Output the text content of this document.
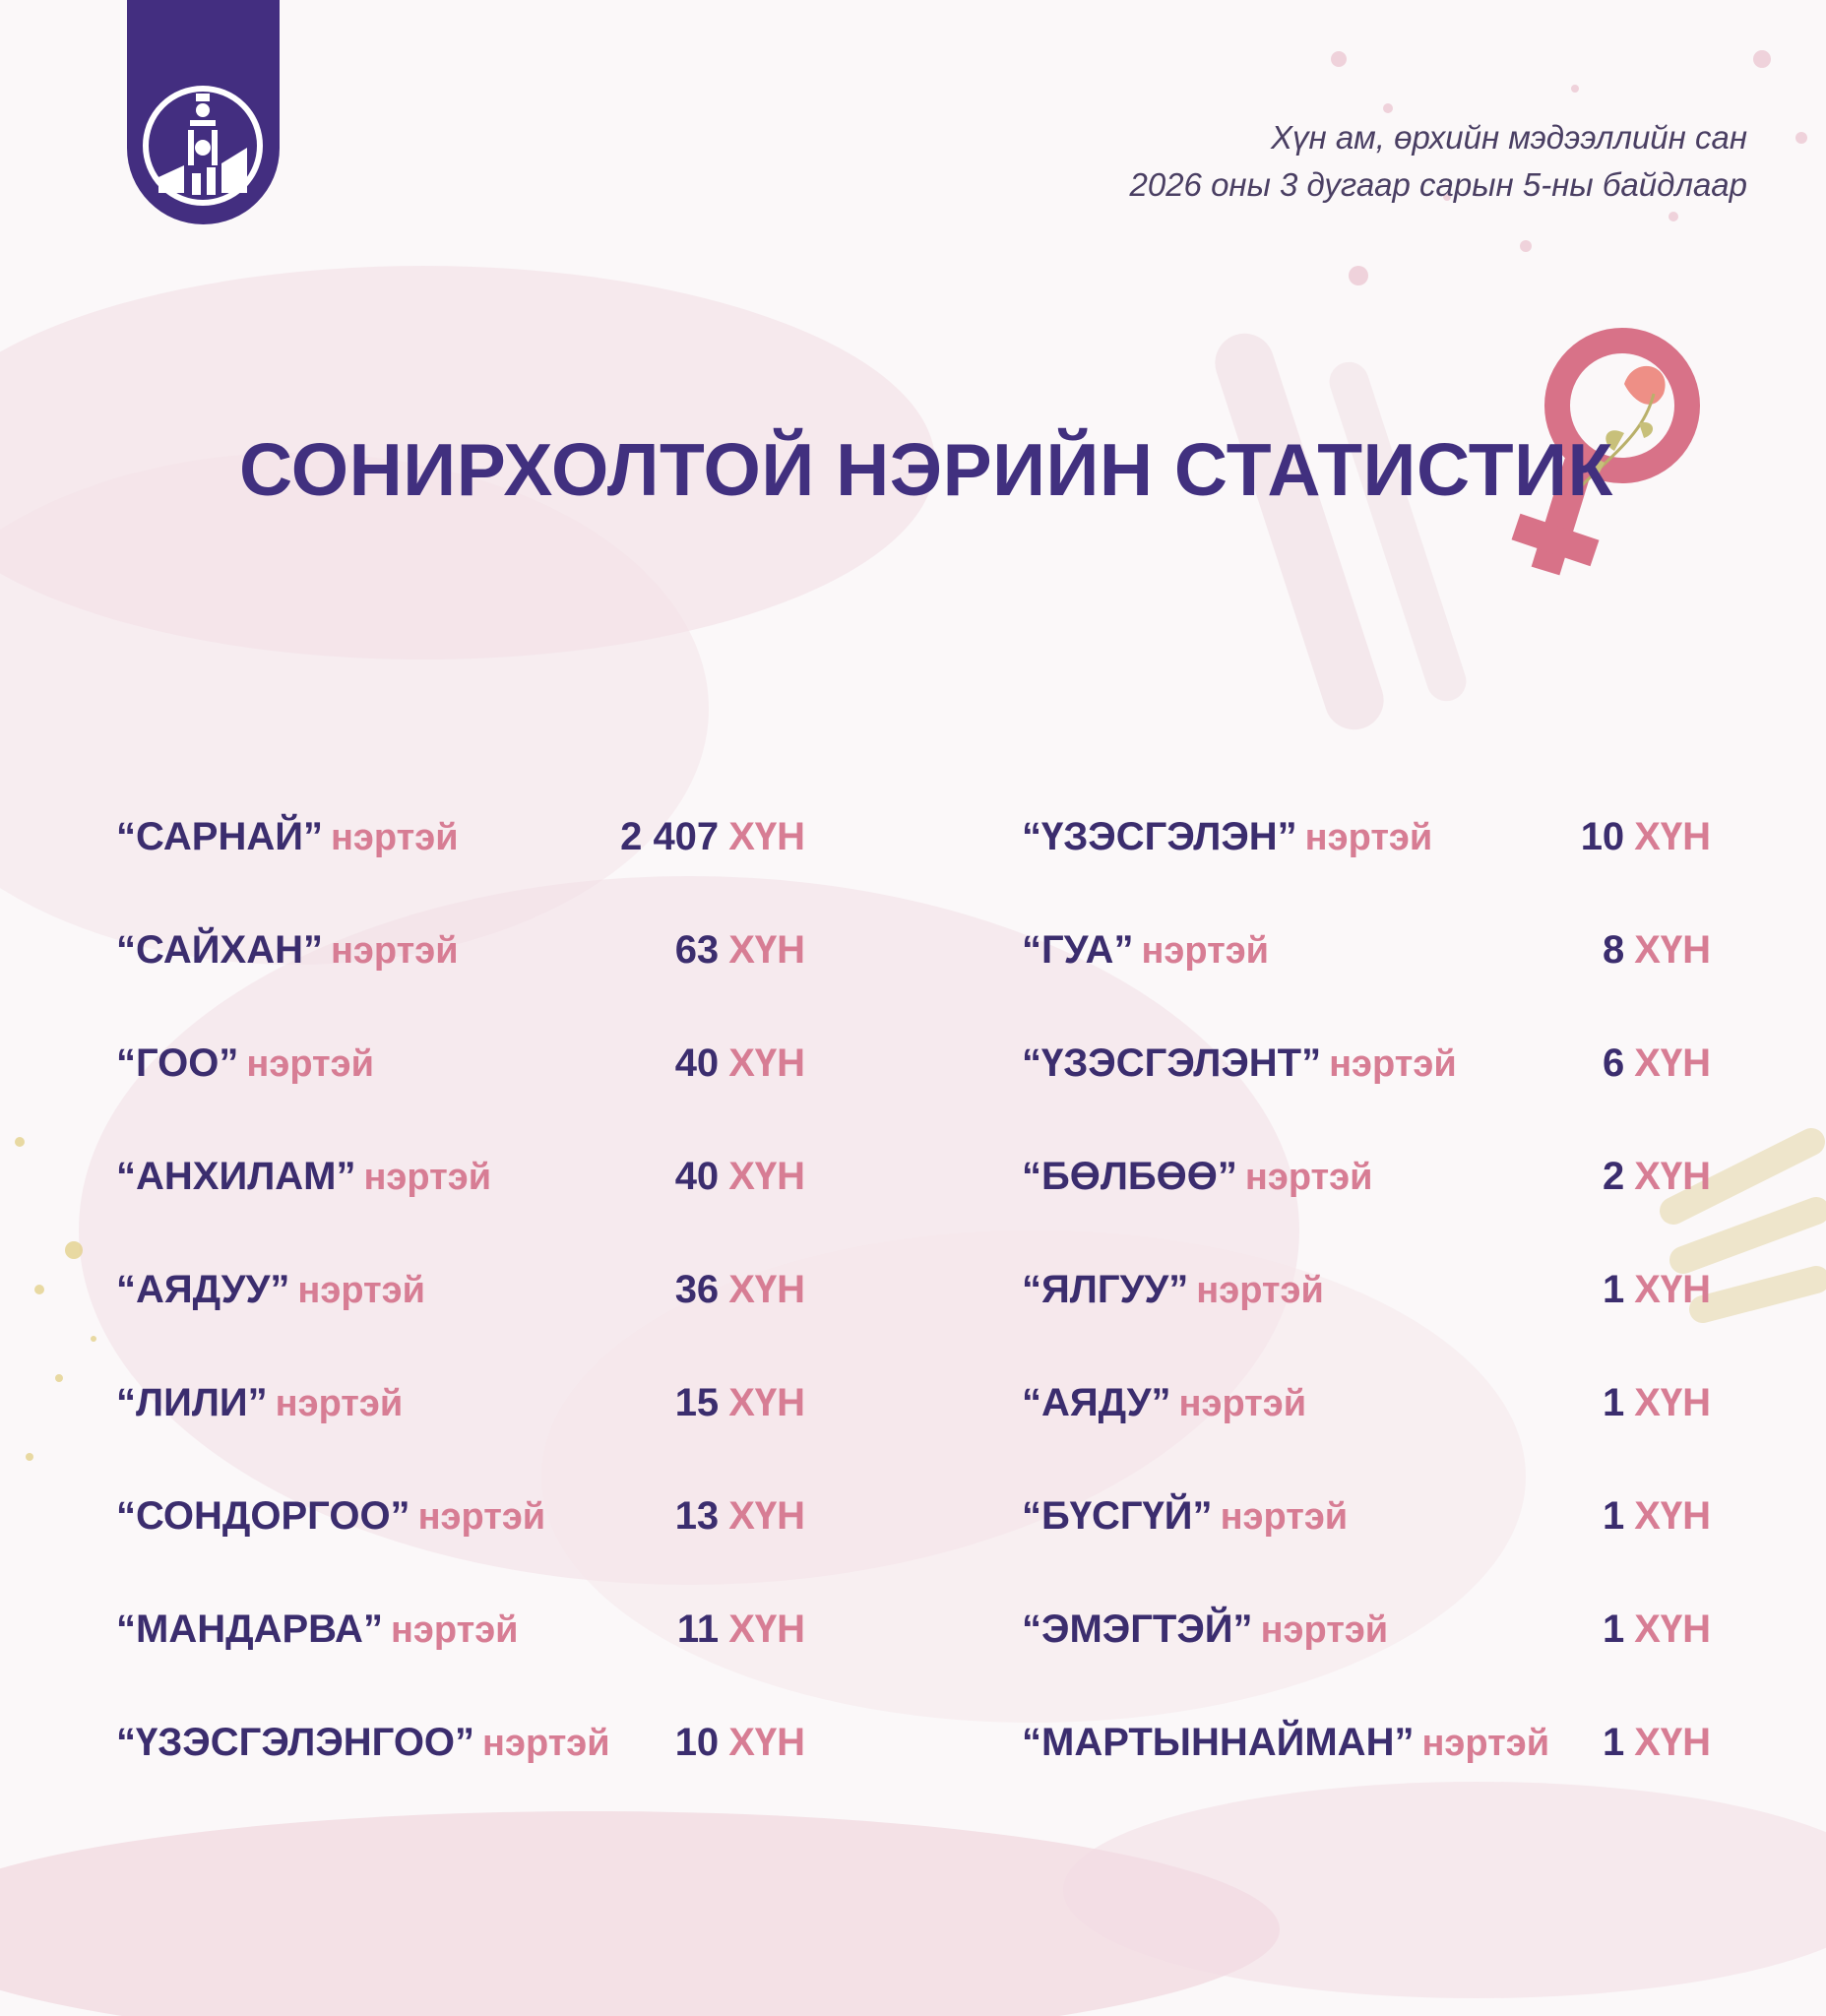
Хүн ам, өрхийн мэдээллийн сан
2026 оны 3 дугаар сарын 5-ны байдлаар
СОНИРХОЛТОЙ НЭРИЙН СТАТИСТИК
“САРНАЙ” нэртэй	2 407 ХҮН
“САЙХАН” нэртэй	63 ХҮН
“ГОО” нэртэй	40 ХҮН
“АНХИЛАМ” нэртэй	40 ХҮН
“АЯДУУ” нэртэй	36 ХҮН
“ЛИЛИ” нэртэй	15 ХҮН
“СОНДОРГОО” нэртэй	13 ХҮН
“МАНДАРВА” нэртэй	11 ХҮН
“ҮЗЭСГЭЛЭНГОО” нэртэй 10 ХҮН
“ҮЗЭСГЭЛЭН” нэртэй	10 ХҮН
“ГУА” нэртэй	8 ХҮН
“ҮЗЭСГЭЛЭНТ” нэртэй	6 ХҮН
“БӨЛБӨӨ” нэртэй	2 ХҮН
“ЯЛГУУ” нэртэй	1 ХҮН
“АЯДУ” нэртэй	1 ХҮН
“БҮСГҮЙ” нэртэй	1 ХҮН
“ЭМЭГТЭЙ” нэртэй	1 ХҮН
“МАРТЫННАЙМАН” нэртэй 1 ХҮН
